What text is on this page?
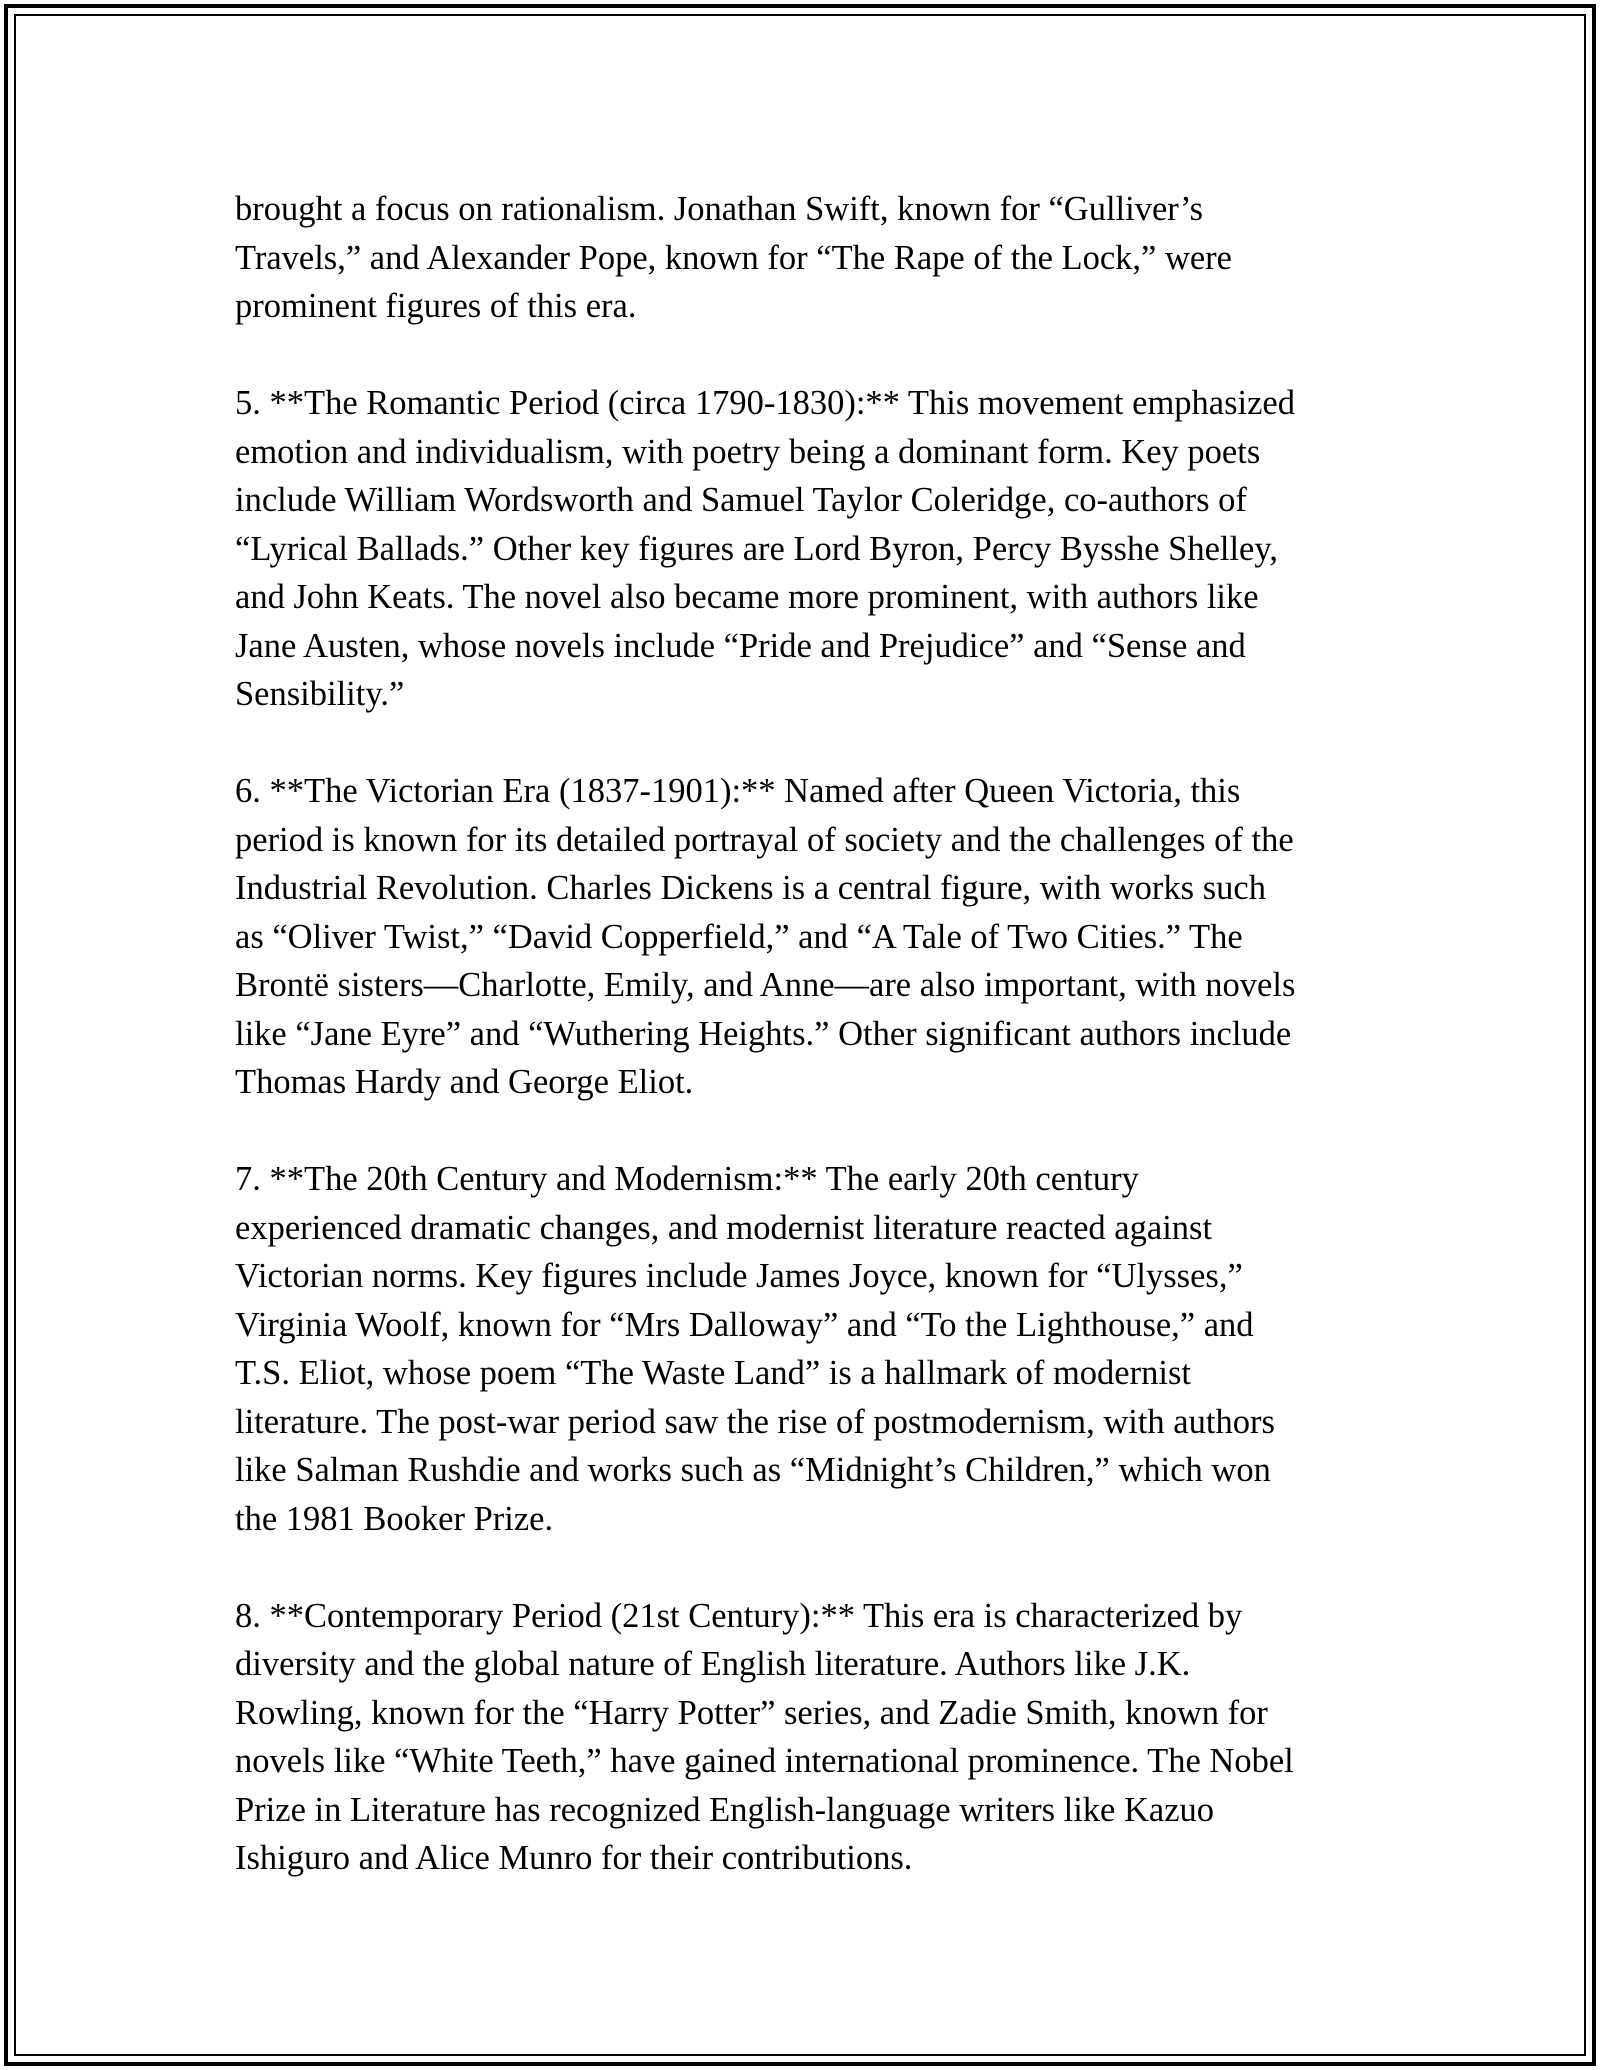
brought a focus on rationalism. Jonathan Swift, known for “Gulliver’s
Travels,” and Alexander Pope, known for “The Rape of the Lock,” were
prominent figures of this era.

5. **The Romantic Period (circa 1790-1830):** This movement emphasized
emotion and individualism, with poetry being a dominant form. Key poets
include William Wordsworth and Samuel Taylor Coleridge, co-authors of
“Lyrical Ballads.” Other key figures are Lord Byron, Percy Bysshe Shelley,
and John Keats. The novel also became more prominent, with authors like
Jane Austen, whose novels include “Pride and Prejudice” and “Sense and
Sensibility.”

6. **The Victorian Era (1837-1901):** Named after Queen Victoria, this
period is known for its detailed portrayal of society and the challenges of the
Industrial Revolution. Charles Dickens is a central figure, with works such
as “Oliver Twist,” “David Copperfield,” and “A Tale of Two Cities.” The
Brontë sisters—Charlotte, Emily, and Anne—are also important, with novels
like “Jane Eyre” and “Wuthering Heights.” Other significant authors include
Thomas Hardy and George Eliot.

7. **The 20th Century and Modernism:** The early 20th century
experienced dramatic changes, and modernist literature reacted against
Victorian norms. Key figures include James Joyce, known for “Ulysses,”
Virginia Woolf, known for “Mrs Dalloway” and “To the Lighthouse,” and
T.S. Eliot, whose poem “The Waste Land” is a hallmark of modernist
literature. The post-war period saw the rise of postmodernism, with authors
like Salman Rushdie and works such as “Midnight’s Children,” which won
the 1981 Booker Prize.

8. **Contemporary Period (21st Century):** This era is characterized by
diversity and the global nature of English literature. Authors like J.K.
Rowling, known for the “Harry Potter” series, and Zadie Smith, known for
novels like “White Teeth,” have gained international prominence. The Nobel
Prize in Literature has recognized English-language writers like Kazuo
Ishiguro and Alice Munro for their contributions.
